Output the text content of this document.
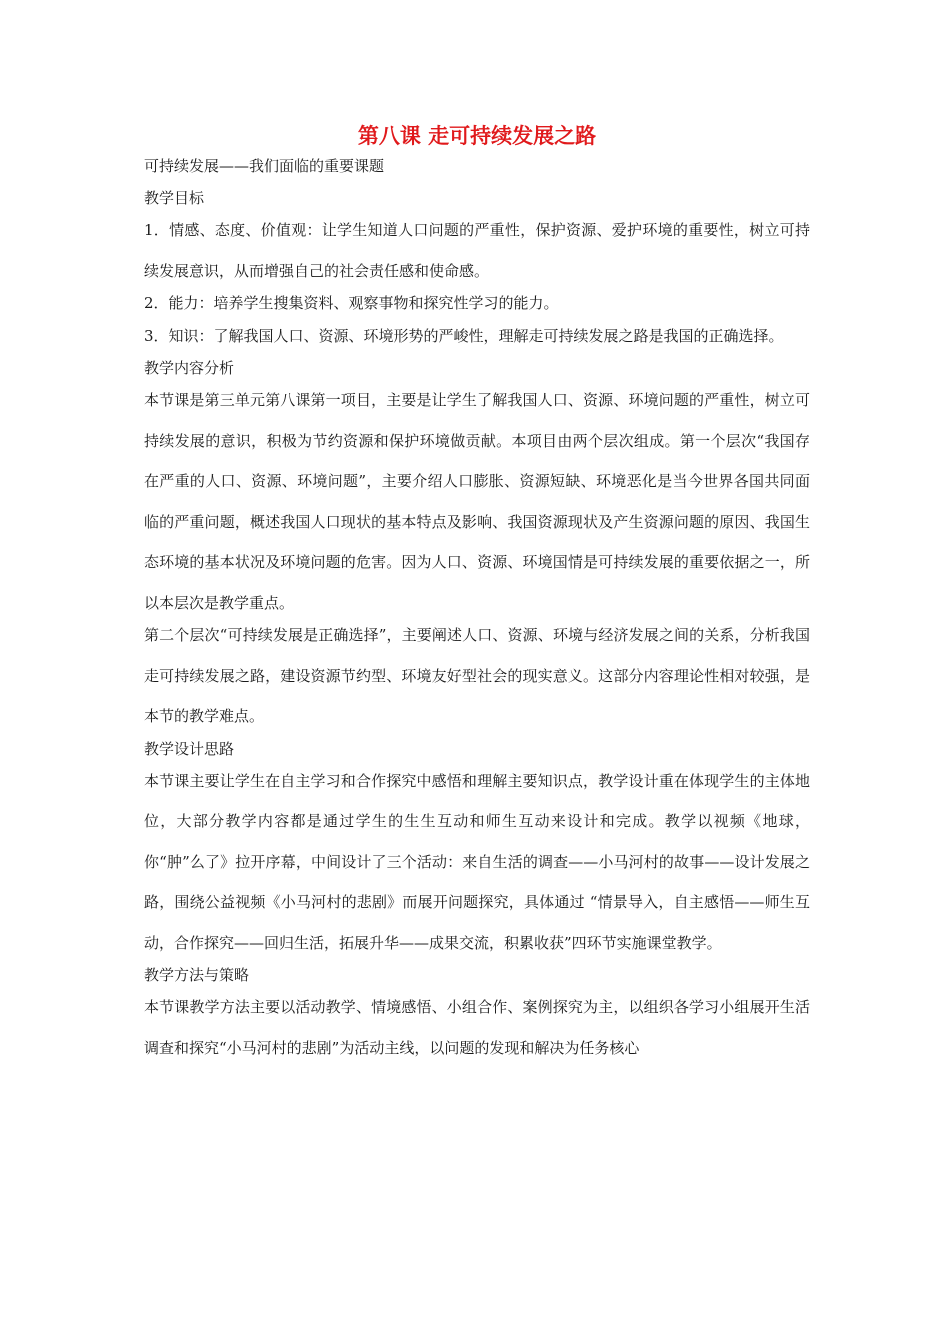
第八课 走可持续发展之路
可持续发展——我们面临的重要课题
教学目标
1．情感、态度、价值观：让学生知道人口问题的严重性，保护资源、爱护环境的重要性，树立可持续发展意识，从而增强自己的社会责任感和使命感。
2．能力：培养学生搜集资料、观察事物和探究性学习的能力。
3．知识：了解我国人口、资源、环境形势的严峻性，理解走可持续发展之路是我国的正确选择。
教学内容分析
本节课是第三单元第八课第一项目，主要是让学生了解我国人口、资源、环境问题的严重性，树立可持续发展的意识，积极为节约资源和保护环境做贡献。本项目由两个层次组成。第一个层次“我国存在严重的人口、资源、环境问题”，主要介绍人口膨胀、资源短缺、环境恶化是当今世界各国共同面临的严重问题，概述我国人口现状的基本特点及影响、我国资源现状及产生资源问题的原因、我国生态环境的基本状况及环境问题的危害。因为人口、资源、环境国情是可持续发展的重要依据之一，所以本层次是教学重点。
第二个层次“可持续发展是正确选择”，主要阐述人口、资源、环境与经济发展之间的关系，分析我国走可持续发展之路，建设资源节约型、环境友好型社会的现实意义。这部分内容理论性相对较强，是本节的教学难点。
教学设计思路
本节课主要让学生在自主学习和合作探究中感悟和理解主要知识点，教学设计重在体现学生的主体地位，大部分教学内容都是通过学生的生生互动和师生互动来设计和完成。教学以视频《地球，你“肿”么了》拉开序幕，中间设计了三个活动：来自生活的调查——小马河村的故事——设计发展之路，围绕公益视频《小马河村的悲剧》而展开问题探究，具体通过 “情景导入，自主感悟——师生互动，合作探究——回归生活，拓展升华——成果交流，积累收获”四环节实施课堂教学。
教学方法与策略
本节课教学方法主要以活动教学、情境感悟、小组合作、案例探究为主，以组织各学习小组展开生活调查和探究“小马河村的悲剧”为活动主线，以问题的发现和解决为任务核心
